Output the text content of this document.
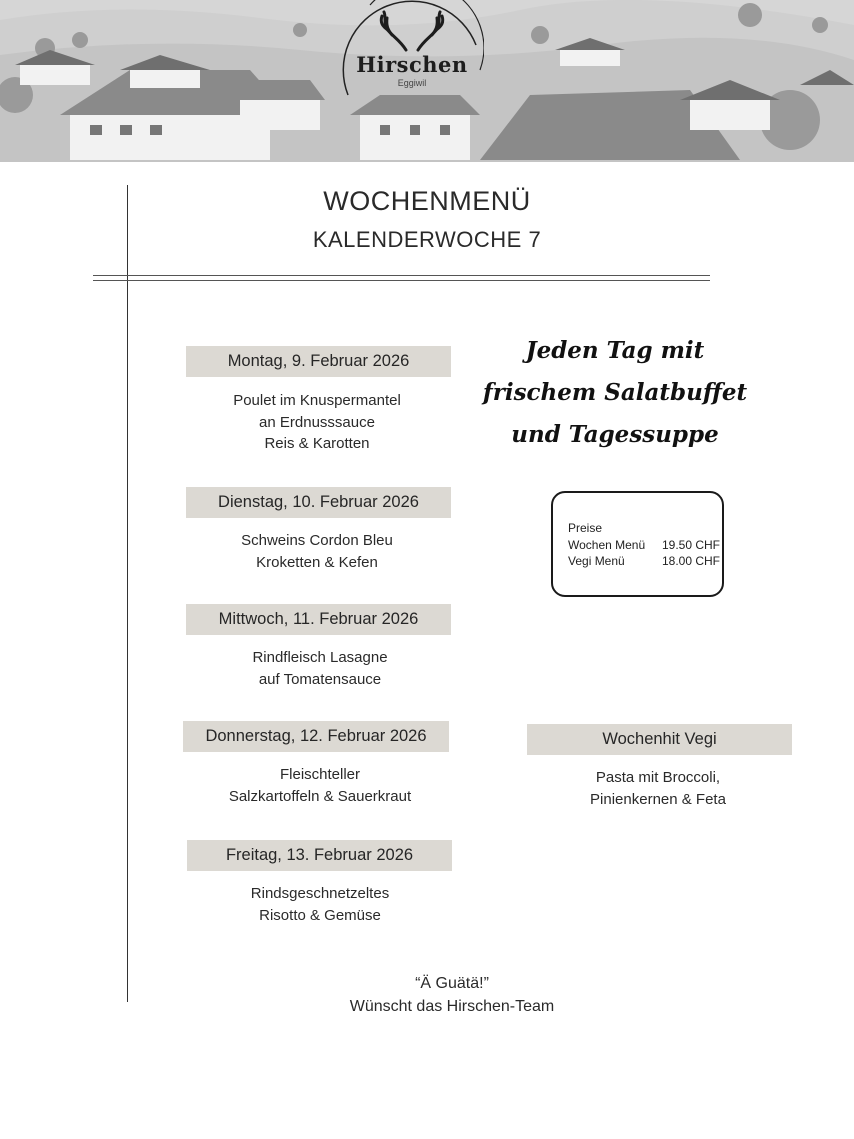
Hirschen
Eggiwil
WOCHENMENÜ
KALENDERWOCHE 7
Montag, 9. Februar 2026
Poulet im Knuspermantel
an Erdnusssauce
Reis & Karotten
Dienstag, 10. Februar 2026
Schweins Cordon Bleu
Kroketten & Kefen
Mittwoch, 11. Februar 2026
Rindfleisch Lasagne
auf Tomatensauce
Donnerstag, 12. Februar 2026
Fleischteller
Salzkartoffeln & Sauerkraut
Freitag, 13. Februar 2026
Rindsgeschnetzeltes
Risotto & Gemüse
Jeden Tag mit
frischem Salatbuffet
und Tagessuppe
Preise
Wochen Menü 19.50 CHF
Vegi Menü	18.00 CHF
Wochenhit Vegi
Pasta mit Broccoli,
Pinienkernen & Feta
“Ä Guätä!”
Wünscht das Hirschen-Team
